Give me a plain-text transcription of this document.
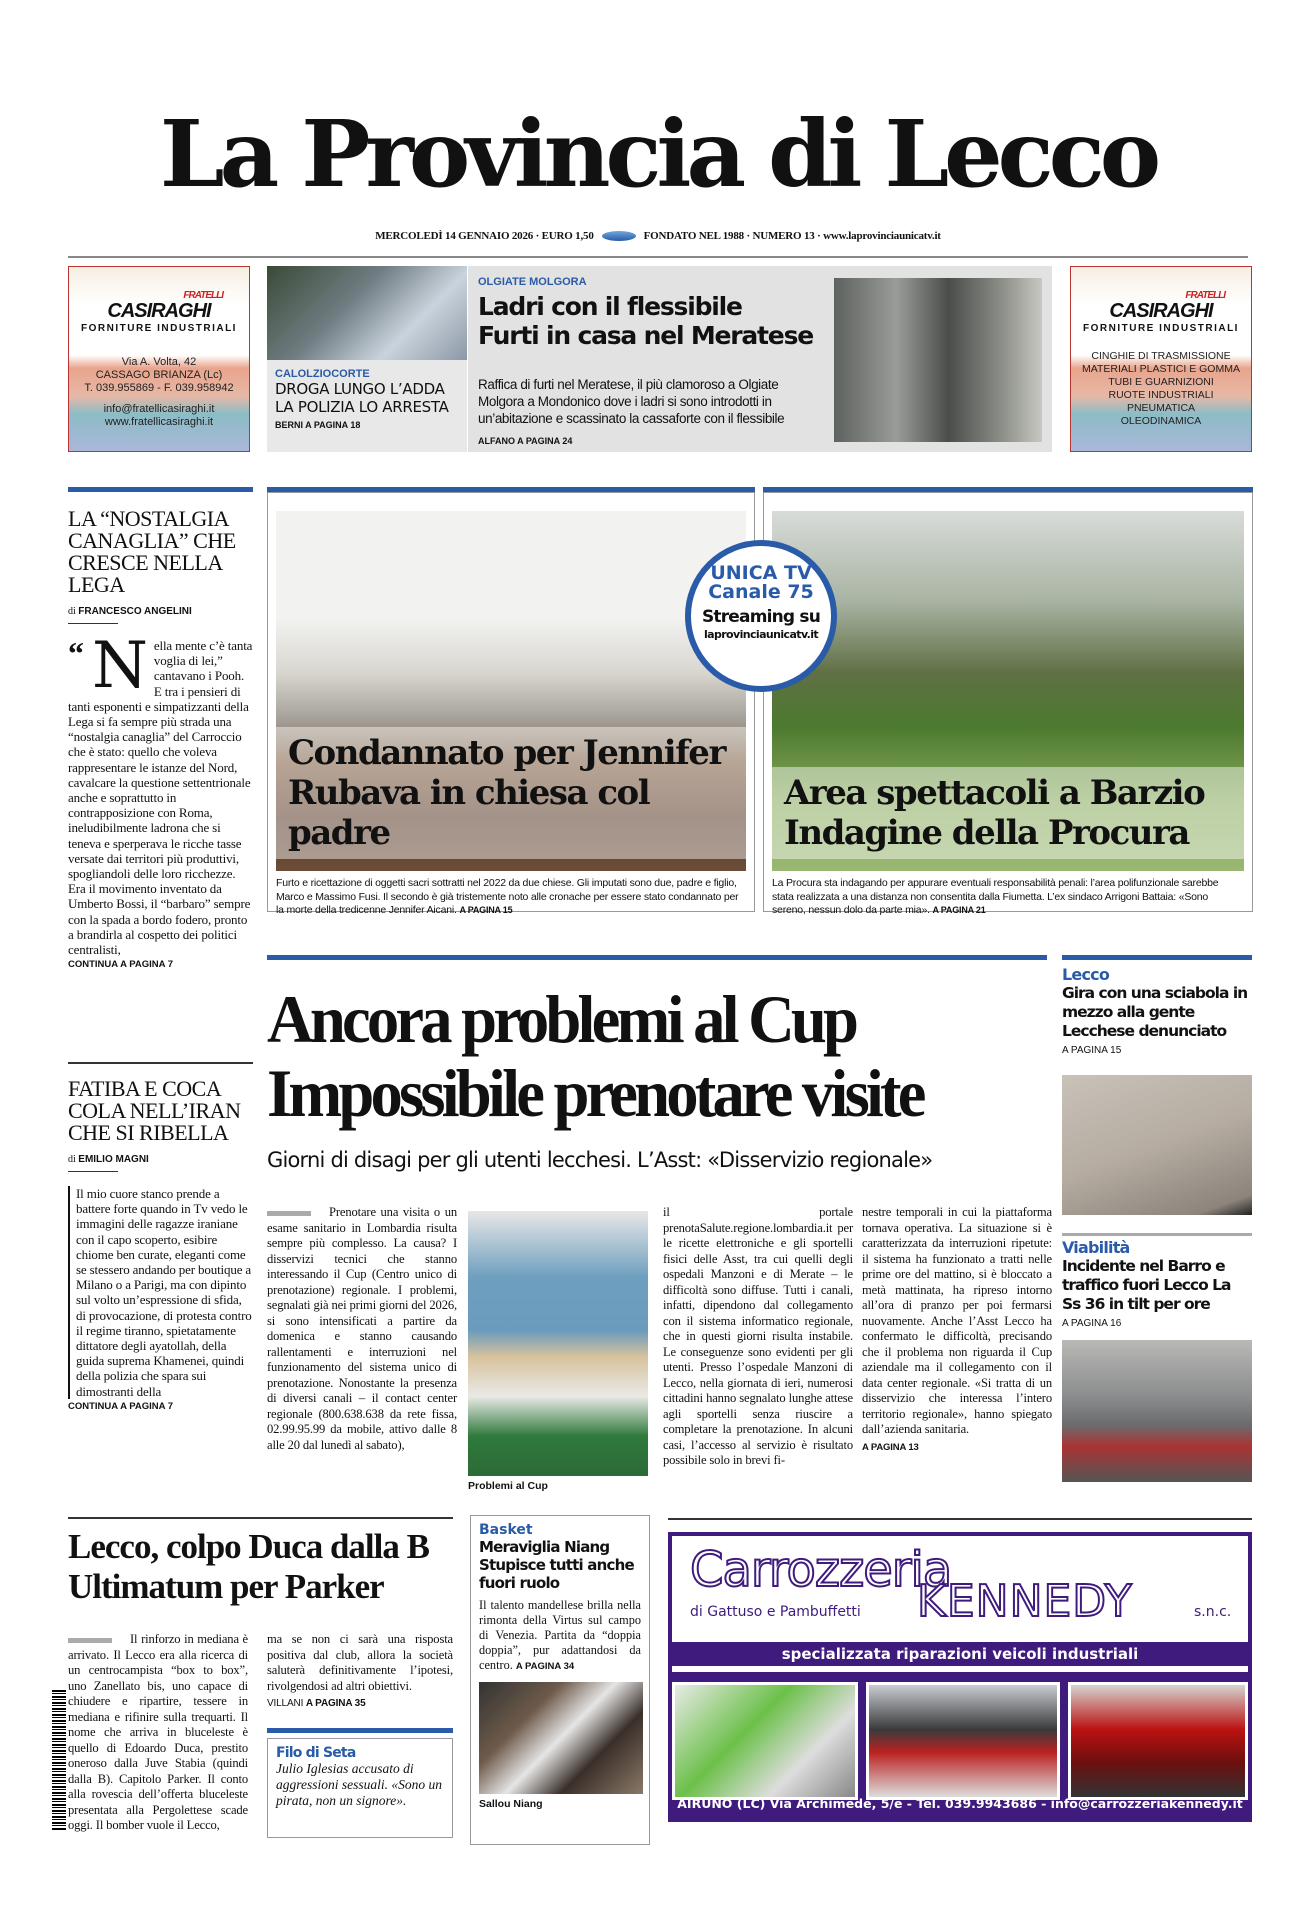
La Provincia di Lecco
MERCOLEDÌ 14 GENNAIO 2026 · EURO 1,50	FONDATO NEL 1988 · NUMERO 13 · www.laprovinciaunicatv.it
FRATELLI
CASIRAGHI
FORNITURE INDUSTRIALI
Via A. Volta, 42
CASSAGO BRIANZA (Lc)
T. 039.955869 - F. 039.958942
info@fratellicasiraghi.it
www.fratellicasiraghi.it
CALOLZIOCORTE
DROGA LUNGO L’ADDA LA POLIZIA LO ARRESTA
BERNI A PAGINA 18
OLGIATE MOLGORA
Ladri con il flessibile
Furti in casa nel Meratese

Raffica di furti nel Meratese, il più clamoroso a Olgiate Molgora a Mondonico dove i ladri si sono introdotti in un’abitazione e scassinato la cassaforte con il flessibile

ALFANO A PAGINA 24
FRATELLI
CASIRAGHI
FORNITURE INDUSTRIALI
CINGHIE DI TRASMISSIONE
MATERIALI PLASTICI E GOMMA
TUBI E GUARNIZIONI
RUOTE INDUSTRIALI
PNEUMATICA
OLEODINAMICA
LA “NOSTALGIA CANAGLIA” CHE CRESCE NELLA LEGA
di FRANCESCO ANGELINI
“ N ella mente c’è tanta voglia di lei,” cantavano i Pooh. E tra i pensieri di tanti esponenti e simpatizzanti della Lega si fa sempre più strada una “nostalgia canaglia” del Carroccio che è stato: quello che voleva rappresentare le istanze del Nord, cavalcare la questione settentrionale anche e soprattutto in contrapposizione con Roma, ineludibilmente ladrona che si teneva e sperperava le ricche tasse versate dai territori più produttivi, spogliandoli delle loro ricchezze. Era il movimento inventato da Umberto Bossi, il “barbaro” sempre con la spada a bordo fodero, pronto a brandirla al cospetto dei politici centralisti,
CONTINUA A PAGINA 7
FATIBA E COCA COLA NELL’IRAN CHE SI RIBELLA
di EMILIO MAGNI
Il mio cuore stanco prende a battere forte quando in Tv vedo le immagini delle ragazze iraniane con il capo scoperto, esibire chiome ben curate, eleganti come se stessero andando per boutique a Milano o a Parigi, ma con dipinto sul volto un’espressione di sfida, di provocazione, di protesta contro il regime tiranno, spietatamente dittatore degli ayatollah, della guida suprema Khamenei, quindi della polizia che spara sui dimostranti della
CONTINUA A PAGINA 7
Condannato per Jennifer
Rubava in chiesa col padre
Furto e ricettazione di oggetti sacri sottratti nel 2022 da due chiese. Gli imputati sono due, padre e figlio, Marco e Massimo Fusi. Il secondo è già tristemente noto alle cronache per essere stato condannato per la morte della tredicenne Jennifer Aicani. A PAGINA 15
Area spettacoli a Barzio
Indagine della Procura
La Procura sta indagando per appurare eventuali responsabilità penali: l’area polifunzionale sarebbe stata realizzata a una distanza non consentita dalla Fiumetta. L’ex sindaco Arrigoni Battaia: «Sono sereno, nessun dolo da parte mia». A PAGINA 21
UNICA TV
Canale 75
Streaming su
laprovinciaunicatv.it
Ancora problemi al Cup
Impossibile prenotare visite
Giorni di disagi per gli utenti lecchesi. L’Asst: «Disservizio regionale»
Prenotare una visita o un esame sanitario in Lombardia risulta sempre più complesso. La causa? I disservizi tecnici che stanno interessando il Cup (Centro unico di prenotazione) regionale. I problemi, segnalati già nei primi giorni del 2026, si sono intensificati a partire da domenica e stanno causando rallentamenti e interruzioni nel funzionamento del sistema unico di prenotazione. Nonostante la presenza di diversi canali – il contact center regionale (800.638.638 da rete fissa, 02.99.95.99 da mobile, attivo dalle 8 alle 20 dal lunedì al sabato),
Problemi al Cup
il portale prenotaSalute.regione.lombardia.it per le ricette elettroniche e gli sportelli fisici delle Asst, tra cui quelli degli ospedali Manzoni e di Merate – le difficoltà sono diffuse. Tutti i canali, infatti, dipendono dal collegamento con il sistema informatico regionale, che in questi giorni risulta instabile. Le conseguenze sono evidenti per gli utenti. Presso l’ospedale Manzoni di Lecco, nella giornata di ieri, numerosi cittadini hanno segnalato lunghe attese agli sportelli senza riuscire a completare la prenotazione. In alcuni casi, l’accesso al servizio è risultato possibile solo in brevi fi-
nestre temporali in cui la piattaforma tornava operativa. La situazione si è caratterizzata da interruzioni ripetute: il sistema ha funzionato a tratti nelle prime ore del mattino, si è bloccato a metà mattinata, ha ripreso intorno all’ora di pranzo per poi fermarsi nuovamente. Anche l’Asst Lecco ha confermato le difficoltà, precisando che il problema non riguarda il Cup aziendale ma il collegamento con il data center regionale. «Si tratta di un disservizio che interessa l’intero territorio regionale», hanno spiegato dall’azienda sanitaria.
A PAGINA 13
Lecco
Gira con una sciabola in mezzo alla gente Lecchese denunciato
A PAGINA 15
Viabilità
Incidente nel Barro e traffico fuori Lecco La Ss 36 in tilt per ore
A PAGINA 16
Lecco, colpo Duca dalla B
Ultimatum per Parker
Il rinforzo in mediana è arrivato. Il Lecco era alla ricerca di un centrocampista “box to box”, uno Zanellato bis, uno capace di chiudere e ripartire, tessere in mediana e rifinire sulla trequarti. Il nome che arriva in bluceleste è quello di Edoardo Duca, prestito oneroso dalla Juve Stabia (quindi dalla B). Capitolo Parker. Il conto alla rovescia dell’offerta bluceleste presentata alla Pergolettese scade oggi. Il bomber vuole il Lecco,
ma se non ci sarà una risposta positiva dal club, allora la società saluterà definitivamente l’ipotesi, rivolgendosi ad altri obiettivi.
VILLANI A PAGINA 35
Filo di Seta
Julio Iglesias accusato di aggressioni sessuali. «Sono un pirata, non un signore».
Basket
Meraviglia Niang Stupisce tutti anche fuori ruolo
Il talento mandellese brilla nella rimonta della Virtus sul campo di Venezia. Partita da “doppia doppia”, pur adattandosi da centro. A PAGINA 34
Sallou Niang
Carrozzeria
KENNEDY
di Gattuso e Pambuffetti	s.n.c.
specializzata riparazioni veicoli industriali
AIRUNO (LC) Via Archimede, 5/e - Tel. 039.9943686 - info@carrozzeriakennedy.it
